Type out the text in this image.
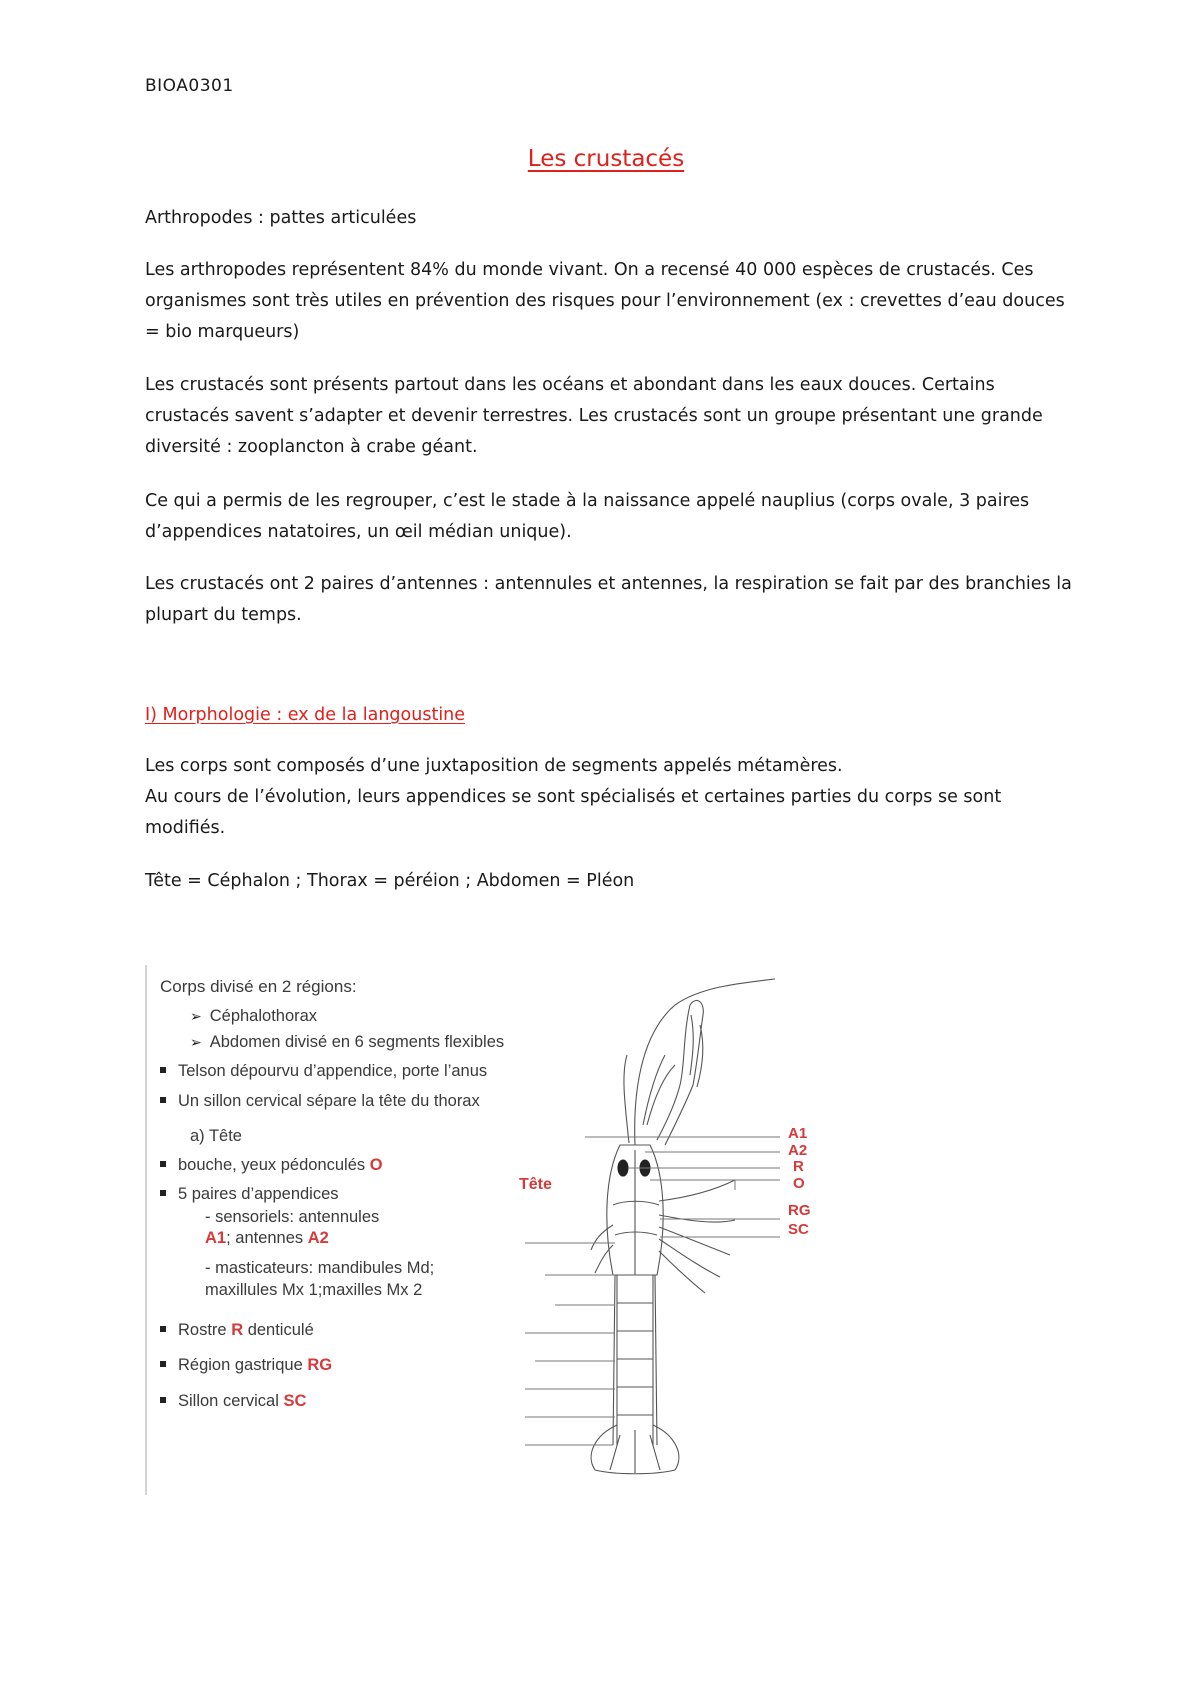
BIOA0301
Les crustacés

Arthropodes : pattes articulées

Les arthropodes représentent 84% du monde vivant. On a recensé 40 000 espèces de crustacés. Ces organismes sont très utiles en prévention des risques pour l’environnement (ex : crevettes d’eau douces = bio marqueurs)

Les crustacés sont présents partout dans les océans et abondant dans les eaux douces. Certains crustacés savent s’adapter et devenir terrestres. Les crustacés sont un groupe présentant une grande diversité : zooplancton à crabe géant.

Ce qui a permis de les regrouper, c’est le stade à la naissance appelé nauplius (corps ovale, 3 paires d’appendices natatoires, un œil médian unique).

Les crustacés ont 2 paires d’antennes : antennules et antennes, la respiration se fait par des branchies la plupart du temps.

I) Morphologie : ex de la langoustine

Les corps sont composés d’une juxtaposition de segments appelés métamères.

Au cours de l’évolution, leurs appendices se sont spécialisés et certaines parties du corps se sont modifiés.

Tête = Céphalon ; Thorax = péréion ; Abdomen = Pléon

Corps divisé en 2 régions:
➢ Céphalothorax
➢ Abdomen divisé en 6 segments flexibles
Telson dépourvu d’appendice, porte l’anus
Un sillon cervical sépare la tête du thorax
a) Tête
bouche, yeux pédonculés O
5 paires d’appendices
- sensoriels: antennules
A1; antennes A2
- masticateurs: mandibules Md;
maxillules Mx 1;maxilles Mx 2
Rostre R denticulé
Région gastrique RG
Sillon cervical SC
Tête
A1
A2
R
O
RG
SC
